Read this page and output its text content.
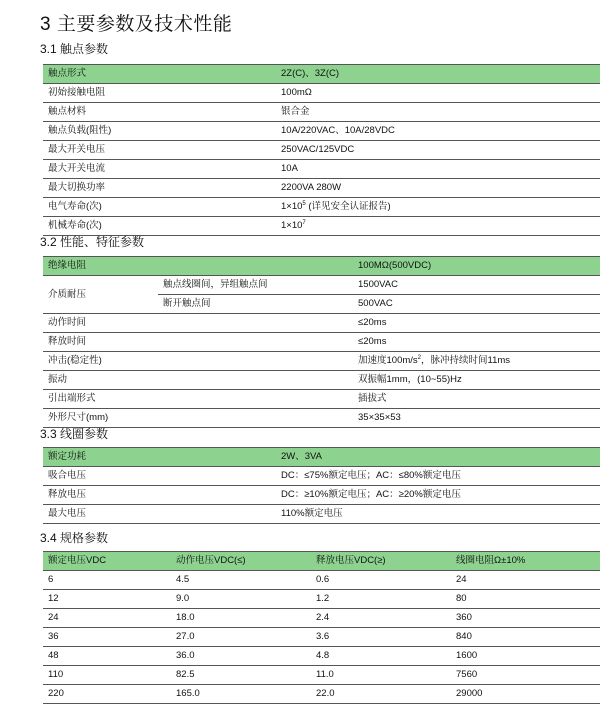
3 主要参数及技术性能
3.1 触点参数
触点形式	2Z(C)、3Z(C)
初始接触电阻	100mΩ
触点材料	银合金
触点负载(阻性)	10A/220VAC、10A/28VDC
最大开关电压	250VAC/125VDC
最大开关电流	10A
最大切换功率	2200VA 280W
电气寿命(次)	$1\times 10^5$ (详见安全认证报告)
机械寿命(次)	$1\times 10^7$
3.2 性能、特征参数
绝缘电阻		100MΩ(500VDC)
介质耐压	触点线圈间，异组触点间	1500VAC
	断开触点间	500VAC
动作时间		≤20ms
释放时间		≤20ms
冲击(稳定性)		加速度$100m/s^2$，脉冲持续时间11ms
振动		双振幅1mm，(10~55)Hz
引出端形式		插拔式
外形尺寸(mm)		35×35×53
3.3 线圈参数
额定功耗	2W、3VA
吸合电压	DC：≤75%额定电压；AC：≤80%额定电压
释放电压	DC：≥10%额定电压；AC：≥20%额定电压
最大电压	110%额定电压
3.4 规格参数
额定电压VDC	动作电压VDC(≤)	释放电压VDC(≥)	线圈电阻Ω±10%
6	4.5	0.6	24
12	9.0	1.2	80
24	18.0	2.4	360
36	27.0	3.6	840
48	36.0	4.8	1600
110	82.5	11.0	7560
220	165.0	22.0	29000
